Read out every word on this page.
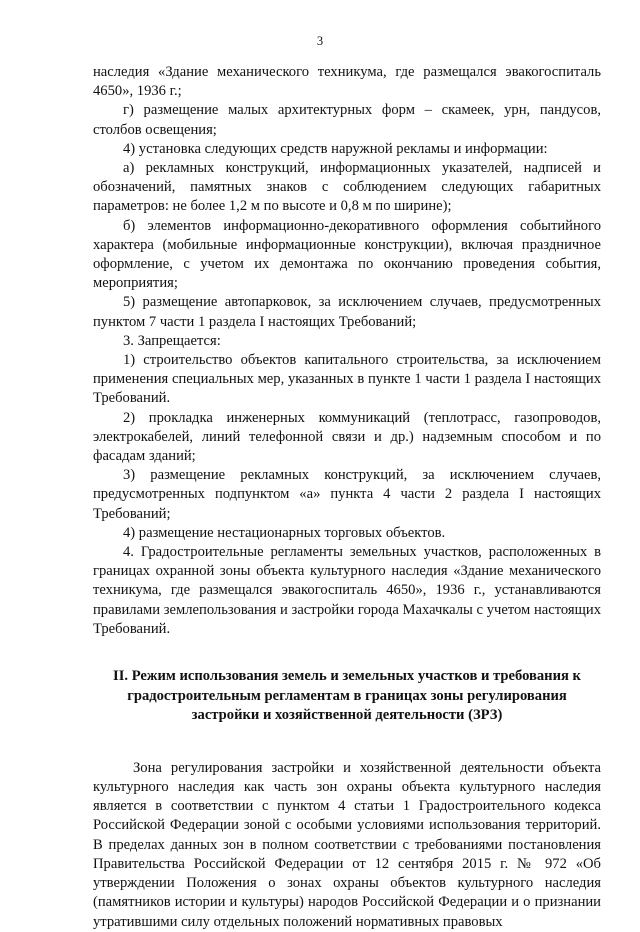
3

наследия «Здание механического техникума, где размещался эвакогоспиталь 4650», 1936 г.;

г) размещение малых архитектурных форм – скамеек, урн, пандусов, столбов освещения;

4) установка следующих средств наружной рекламы и информации:

а) рекламных конструкций, информационных указателей, надписей и обозначений, памятных знаков с соблюдением следующих габаритных параметров: не более 1,2 м по высоте и 0,8 м по ширине);

б) элементов информационно-декоративного оформления событийного характера (мобильные информационные конструкции), включая праздничное оформление, с учетом их демонтажа по окончанию проведения события, мероприятия;

5) размещение автопарковок, за исключением случаев, предусмотренных пунктом 7 части 1 раздела I настоящих Требований;

3. Запрещается:

1) строительство объектов капитального строительства, за исключением применения специальных мер, указанных в пункте 1 части 1 раздела I настоящих Требований.

2) прокладка инженерных коммуникаций (теплотрасс, газопроводов, электрокабелей, линий телефонной связи и др.) надземным способом и по фасадам зданий;

3) размещение рекламных конструкций, за исключением случаев, предусмотренных подпунктом «а» пункта 4 части 2 раздела I настоящих Требований;

4) размещение нестационарных торговых объектов.

4. Градостроительные регламенты земельных участков, расположенных в границах охранной зоны объекта культурного наследия «Здание механического техникума, где размещался эвакогоспиталь 4650», 1936 г., устанавливаются правилами землепользования и застройки города Махачкалы с учетом настоящих Требований.

II. Режим использования земель и земельных участков и требования к
градостроительным регламентам в границах зоны регулирования
застройки и хозяйственной деятельности (ЗРЗ)

Зона регулирования застройки и хозяйственной деятельности объекта культурного наследия как часть зон охраны объекта культурного наследия является в соответствии с пунктом 4 статьи 1 Градостроительного кодекса Российской Федерации зоной с особыми условиями использования территорий. В пределах данных зон в полном соответствии с требованиями постановления Правительства Российской Федерации от 12 сентября 2015 г. № 972 «Об утверждении Положения о зонах охраны объектов культурного наследия (памятников истории и культуры) народов Российской Федерации и о признании утратившими силу отдельных положений нормативных правовых
